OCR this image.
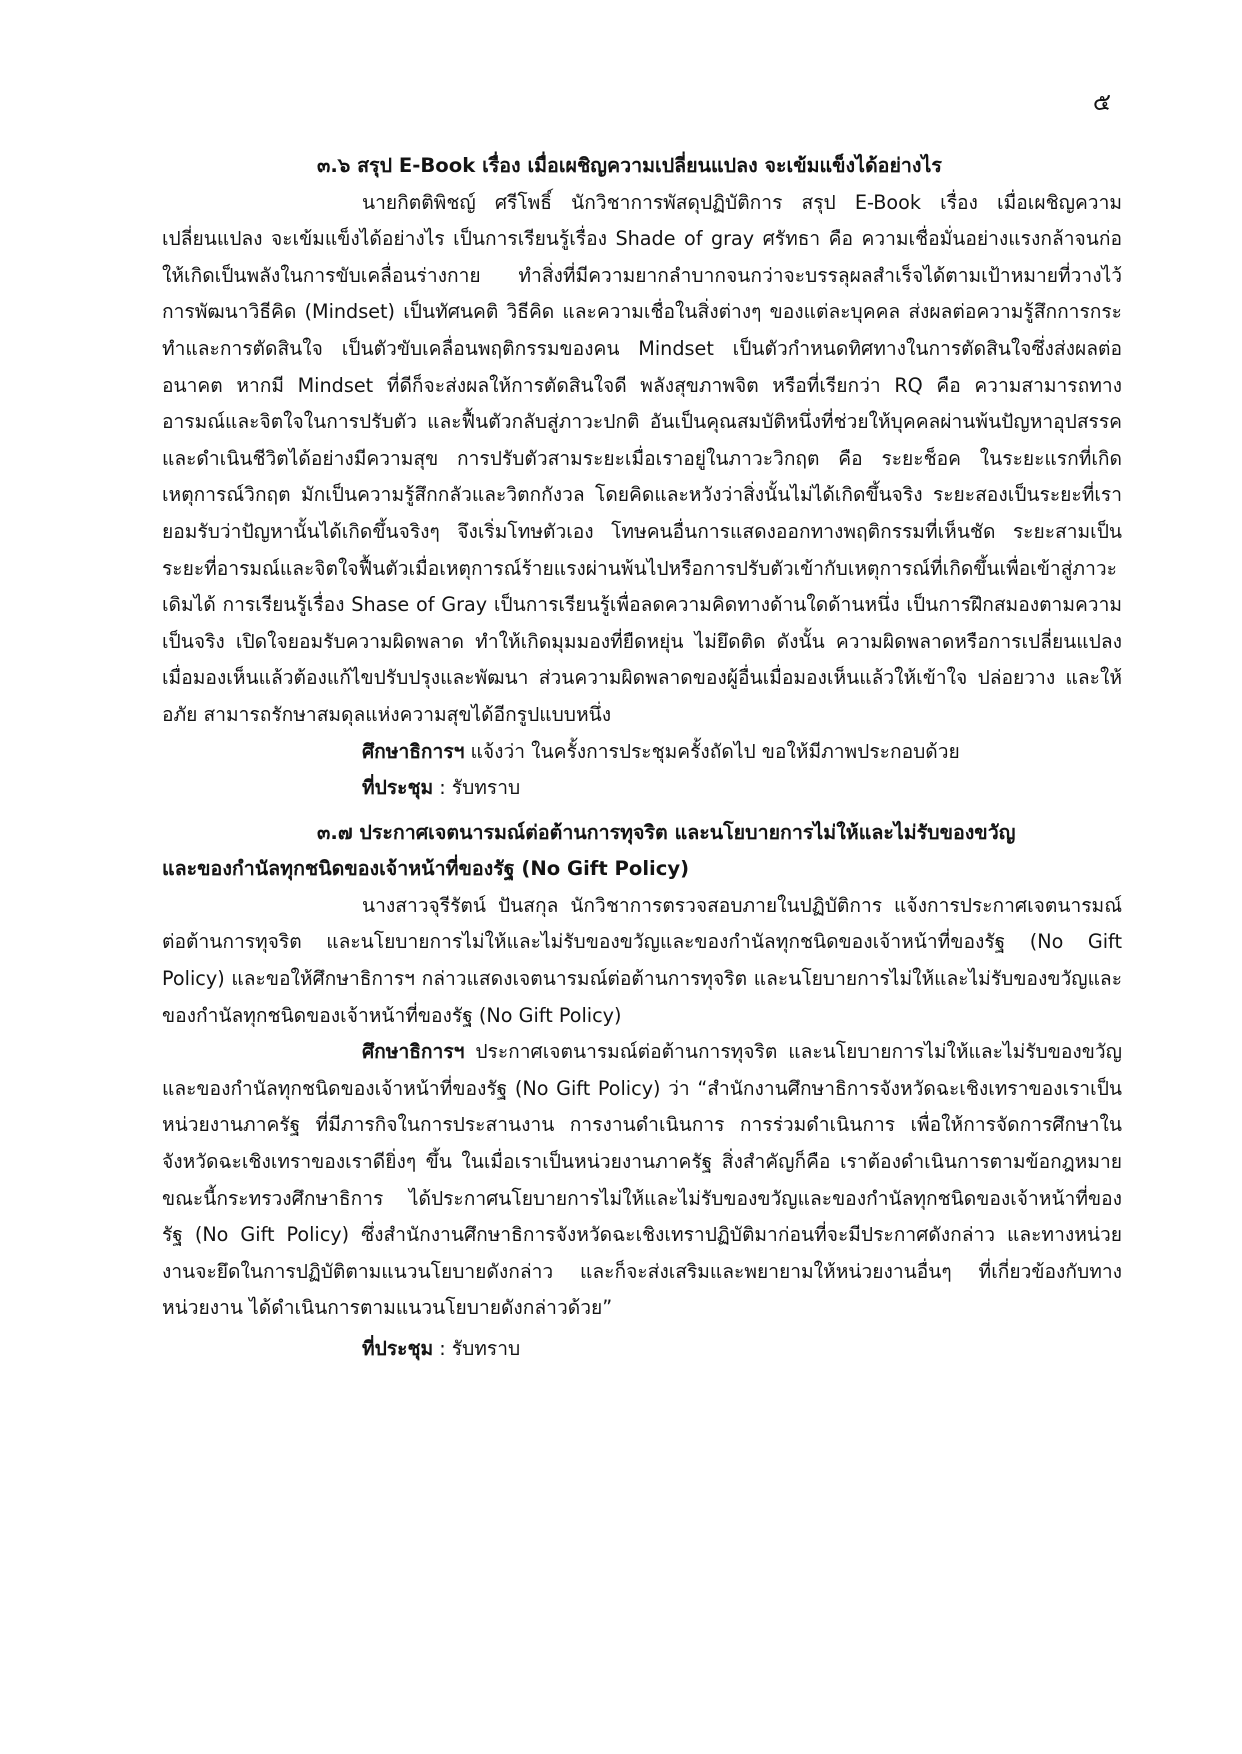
๕

๓.๖ สรุป E-Book เรื่อง เมื่อเผชิญความเปลี่ยนแปลง จะเข้มแข็งได้อย่างไร

นายกิตติพิชญ์ ศรีโพธิ์ นักวิชาการพัสดุปฏิบัติการ สรุป E-Book เรื่อง เมื่อเผชิญความเปลี่ยนแปลง จะเข้มแข็งได้อย่างไร เป็นการเรียนรู้เรื่อง Shade of gray ศรัทธา คือ ความเชื่อมั่นอย่างแรงกล้าจนก่อให้เกิดเป็นพลังในการขับเคลื่อนร่างกาย ทำสิ่งที่มีความยากลำบากจนกว่าจะบรรลุผลสำเร็จได้ตามเป้าหมายที่วางไว้ การพัฒนาวิธีคิด (Mindset) เป็นทัศนคติ วิธีคิด และความเชื่อในสิ่งต่างๆ ของแต่ละบุคคล ส่งผลต่อความรู้สึกการกระทำและการตัดสินใจ เป็นตัวขับเคลื่อนพฤติกรรมของคน Mindset เป็นตัวกำหนดทิศทางในการตัดสินใจซึ่งส่งผลต่ออนาคต หากมี Mindset ที่ดีก็จะส่งผลให้การตัดสินใจดี พลังสุขภาพจิต หรือที่เรียกว่า RQ คือ ความสามารถทางอารมณ์และจิตใจในการปรับตัว และฟื้นตัวกลับสู่ภาวะปกติ อันเป็นคุณสมบัติหนึ่งที่ช่วยให้บุคคลผ่านพ้นปัญหาอุปสรรคและดำเนินชีวิตได้อย่างมีความสุข การปรับตัวสามระยะเมื่อเราอยู่ในภาวะวิกฤต คือ ระยะช็อค ในระยะแรกที่เกิดเหตุการณ์วิกฤต มักเป็นความรู้สึกกลัวและวิตกกังวล โดยคิดและหวังว่าสิ่งนั้นไม่ได้เกิดขึ้นจริง ระยะสองเป็นระยะที่เรายอมรับว่าปัญหานั้นได้เกิดขึ้นจริงๆ จึงเริ่มโทษตัวเอง โทษคนอื่นการแสดงออกทางพฤติกรรมที่เห็นชัด ระยะสามเป็นระยะที่อารมณ์และจิตใจฟื้นตัวเมื่อเหตุการณ์ร้ายแรงผ่านพ้นไปหรือการปรับตัวเข้ากับเหตุการณ์ที่เกิดขึ้นเพื่อเข้าสู่ภาวะเดิมได้ การเรียนรู้เรื่อง Shase of Gray เป็นการเรียนรู้เพื่อลดความคิดทางด้านใดด้านหนึ่ง เป็นการฝึกสมองตามความเป็นจริง เปิดใจยอมรับความผิดพลาด ทำให้เกิดมุมมองที่ยืดหยุ่น ไม่ยึดติด ดังนั้น ความผิดพลาดหรือการเปลี่ยนแปลงเมื่อมองเห็นแล้วต้องแก้ไขปรับปรุงและพัฒนา ส่วนความผิดพลาดของผู้อื่นเมื่อมองเห็นแล้วให้เข้าใจ ปล่อยวาง และให้อภัย สามารถรักษาสมดุลแห่งความสุขได้อีกรูปแบบหนึ่ง

ศึกษาธิการฯ แจ้งว่า ในครั้งการประชุมครั้งถัดไป ขอให้มีภาพประกอบด้วย

ที่ประชุม : รับทราบ

๓.๗ ประกาศเจตนารมณ์ต่อต้านการทุจริต และนโยบายการไม่ให้และไม่รับของขวัญ

และของกำนัลทุกชนิดของเจ้าหน้าที่ของรัฐ (No Gift Policy)

นางสาวจุรีรัตน์ ปันสกุล นักวิชาการตรวจสอบภายในปฏิบัติการ แจ้งการประกาศเจตนารมณ์ต่อต้านการทุจริต และนโยบายการไม่ให้และไม่รับของขวัญและของกำนัลทุกชนิดของเจ้าหน้าที่ของรัฐ (No Gift Policy) และขอให้ศึกษาธิการฯ กล่าวแสดงเจตนารมณ์ต่อต้านการทุจริต และนโยบายการไม่ให้และไม่รับของขวัญและของกำนัลทุกชนิดของเจ้าหน้าที่ของรัฐ (No Gift Policy)

ศึกษาธิการฯ ประกาศเจตนารมณ์ต่อต้านการทุจริต และนโยบายการไม่ให้และไม่รับของขวัญและของกำนัลทุกชนิดของเจ้าหน้าที่ของรัฐ (No Gift Policy) ว่า “สำนักงานศึกษาธิการจังหวัดฉะเชิงเทราของเราเป็นหน่วยงานภาครัฐ ที่มีภารกิจในการประสานงาน การงานดำเนินการ การร่วมดำเนินการ เพื่อให้การจัดการศึกษาในจังหวัดฉะเชิงเทราของเราดียิ่งๆ ขึ้น ในเมื่อเราเป็นหน่วยงานภาครัฐ สิ่งสำคัญก็คือ เราต้องดำเนินการตามข้อกฎหมาย ขณะนี้กระทรวงศึกษาธิการ ได้ประกาศนโยบายการไม่ให้และไม่รับของขวัญและของกำนัลทุกชนิดของเจ้าหน้าที่ของรัฐ (No Gift Policy) ซึ่งสำนักงานศึกษาธิการจังหวัดฉะเชิงเทราปฏิบัติมาก่อนที่จะมีประกาศดังกล่าว และทางหน่วยงานจะยึดในการปฏิบัติตามแนวนโยบายดังกล่าว และก็จะส่งเสริมและพยายามให้หน่วยงานอื่นๆ ที่เกี่ยวข้องกับทางหน่วยงาน ได้ดำเนินการตามแนวนโยบายดังกล่าวด้วย”

ที่ประชุม : รับทราบ
